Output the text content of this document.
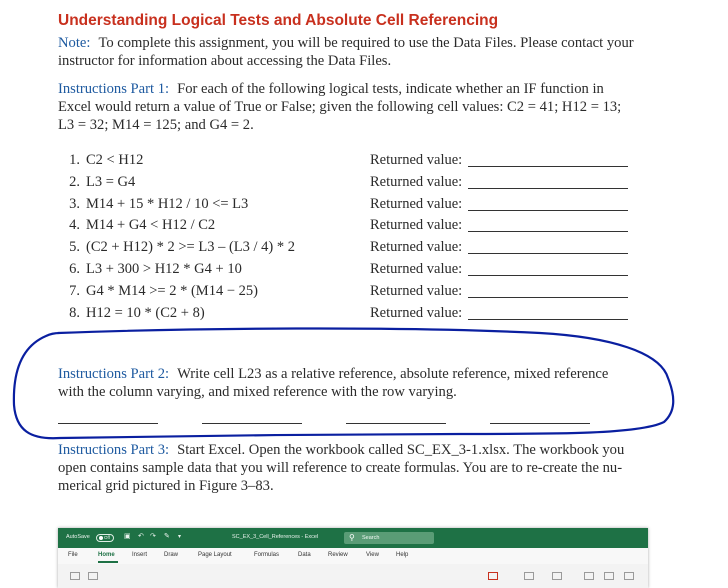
Understanding Logical Tests and Absolute Cell Referencing
Note: To complete this assignment, you will be required to use the Data Files. Please contact your
instructor for information about accessing the Data Files.
Instructions Part 1: For each of the following logical tests, indicate whether an IF function in
Excel would return a value of True or False; given the following cell values: C2 = 41; H12 = 13;
L3 = 32; M14 = 125; and G4 = 2.
1. C2 < H12	Returned value:
2. L3 = G4	Returned value:
3. M14 + 15 * H12 / 10 <= L3	Returned value:
4. M14 + G4 < H12 / C2	Returned value:
5. (C2 + H12) * 2 >= L3 – (L3 / 4) * 2	Returned value:
6. L3 + 300 > H12 * G4 + 10	Returned value:
7. G4 * M14 >= 2 * (M14 − 25)	Returned value:
8. H12 = 10 * (C2 + 8)	Returned value:
Instructions Part 2: Write cell L23 as a relative reference, absolute reference, mixed reference
with the column varying, and mixed reference with the row varying.
Instructions Part 3: Start Excel. Open the workbook called SC_EX_3-1.xlsx. The workbook you
open contains sample data that you will reference to create formulas. You are to re-create the nu-
merical grid pictured in Figure 3–83.
AutoSave	Off ▣ ↶ ↷ ✎ ▾	SC_EX_3_Cell_References - Excel	⚲ Search
File	Home	Insert	Draw	Page Layout	Formulas	Data	Review	View	Help
